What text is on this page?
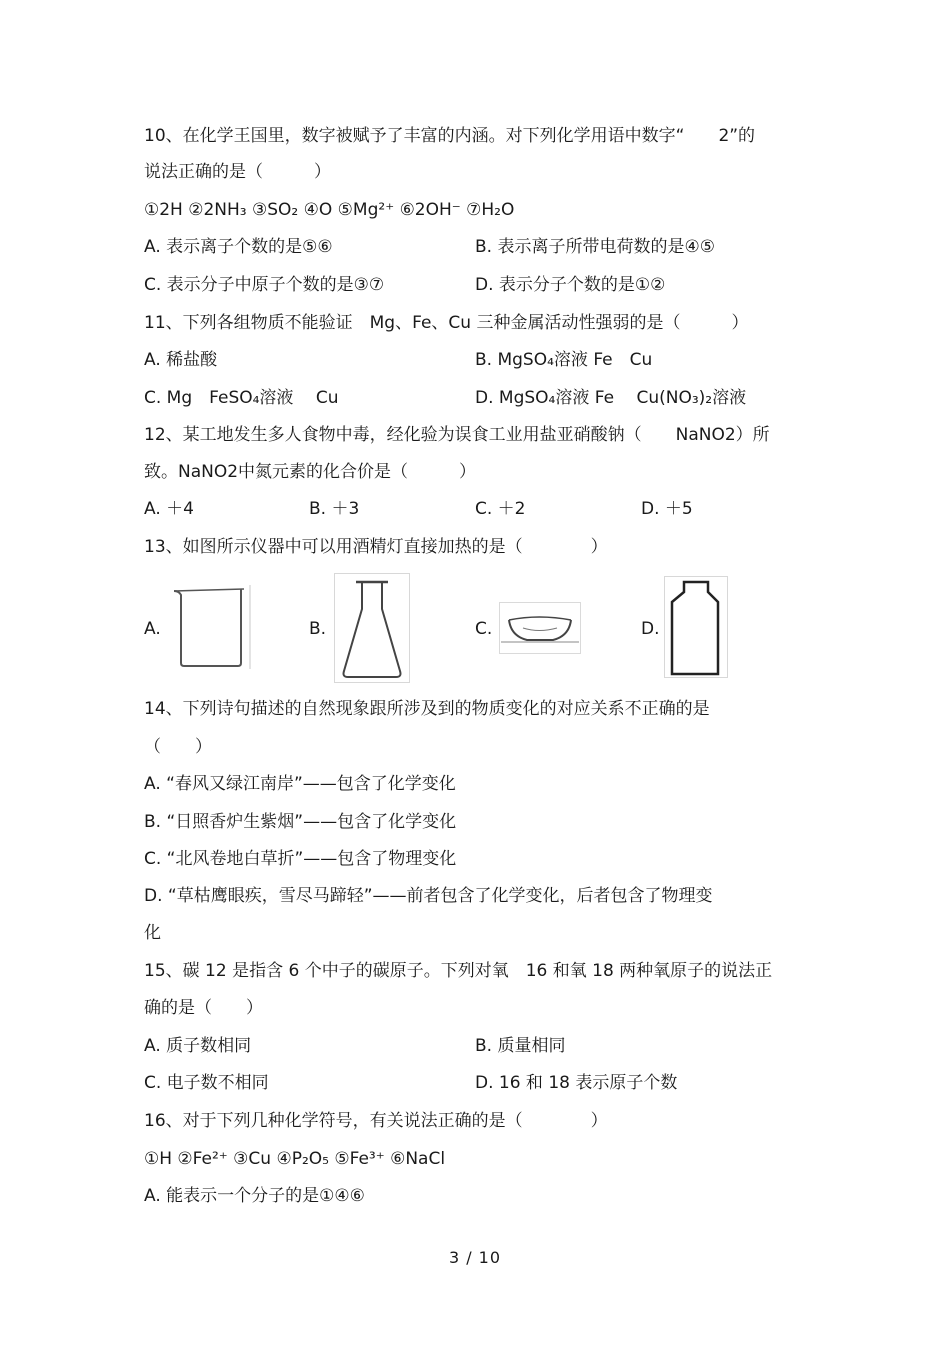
10、在化学王国里，数字被赋予了丰富的内涵。对下列化学用语中数字“　　2”的
说法正确的是（　　　）
①2H ②2NH₃ ③SO₂ ④O ⑤Mg²⁺ ⑥2OH⁻ ⑦H₂O
A. 表示离子个数的是⑤⑥	B. 表示离子所带电荷数的是④⑤
C. 表示分子中原子个数的是③⑦	D. 表示分子个数的是①②
11、下列各组物质不能验证　Mg、Fe、Cu 三种金属活动性强弱的是（　　　）
A. 稀盐酸	B. MgSO₄溶液 Fe　Cu
C. Mg　FeSO₄溶液　 Cu	D. MgSO₄溶液 Fe　 Cu(NO₃)₂溶液
12、某工地发生多人食物中毒，经化验为误食工业用盐亚硝酸钠（　　NaNO2）所
致。NaNO2中氮元素的化合价是（　　　）
A. ＋4	B. ＋3	C. ＋2	D. ＋5
13、如图所示仪器中可以用酒精灯直接加热的是（　　　　）
A.	B.	C.	D.
14、下列诗句描述的自然现象跟所涉及到的物质变化的对应关系不正确的是
（　　）
A. “春风又绿江南岸”——包含了化学变化
B. “日照香炉生紫烟”——包含了化学变化
C. “北风卷地白草折”——包含了物理变化
D. “草枯鹰眼疾，雪尽马蹄轻”——前者包含了化学变化，后者包含了物理变
化
15、碳 12 是指含 6 个中子的碳原子。下列对氧　16 和氧 18 两种氧原子的说法正
确的是（　　）
A. 质子数相同	B. 质量相同
C. 电子数不相同	D. 16 和 18 表示原子个数
16、对于下列几种化学符号，有关说法正确的是（　　　　）
①H ②Fe²⁺ ③Cu ④P₂O₅ ⑤Fe³⁺ ⑥NaCl
A. 能表示一个分子的是①④⑥
3 / 10
